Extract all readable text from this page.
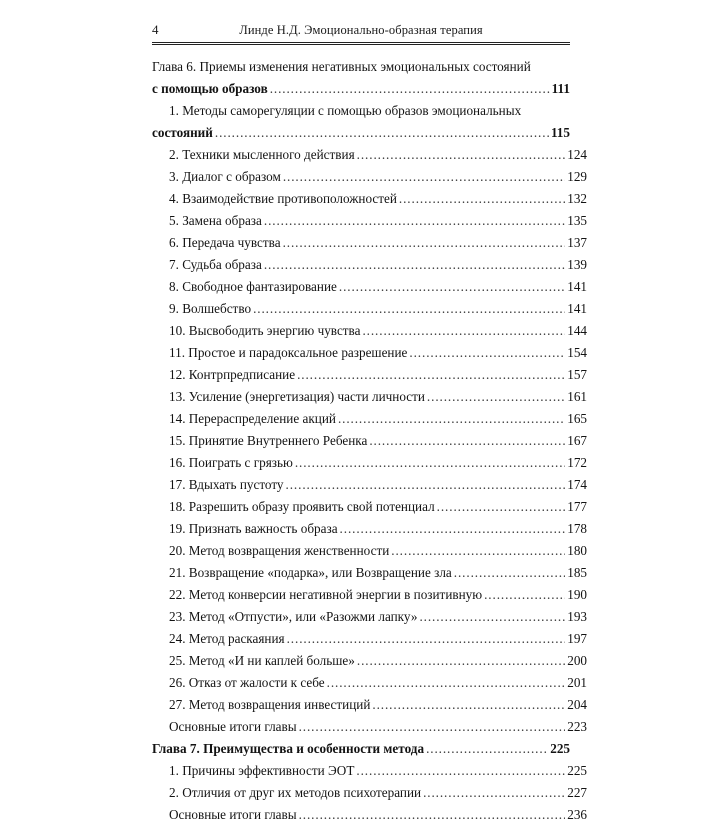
4	Линде Н.Д. Эмоционально-образная терапия
Глава 6. Приемы изменения негативных эмоциональных состояний
с помощью образов .....	111
1. Методы саморегуляции с помощью образов эмоциональных
состояний .....	115
2. Техники мысленного действия .....	124
3. Диалог с образом .....	129
4. Взаимодействие противоположностей .....	132
5. Замена образа .....	135
6. Передача чувства .....	137
7. Судьба образа .....	139
8. Свободное фантазирование .....	141
9. Волшебство .....	141
10. Высвободить энергию чувства .....	144
11. Простое и парадоксальное разрешение .....	154
12. Контрпредписание .....	157
13. Усиление (энергетизация) части личности .....	161
14. Перераспределение акций .....	165
15. Принятие Внутреннего Ребенка .....	167
16. Поиграть с грязью .....	172
17. Вдыхать пустоту .....	174
18. Разрешить образу проявить свой потенциал .....	177
19. Признать важность образа .....	178
20. Метод возвращения женственности .....	180
21. Возвращение «подарка», или Возвращение зла .....	185
22. Метод конверсии негативной энергии в позитивную .....	190
23. Метод «Отпусти», или «Разожми лапку» .....	193
24. Метод раскаяния .....	197
25. Метод «И ни каплей больше» .....	200
26. Отказ от жалости к себе .....	201
27. Метод возвращения инвестиций .....	204
Основные итоги главы .....	223
Глава 7. Преимущества и особенности метода .....	225
1. Причины эффективности ЭОТ .....	225
2. Отличия от друг их методов психотерапии .....	227
Основные итоги главы .....	236
